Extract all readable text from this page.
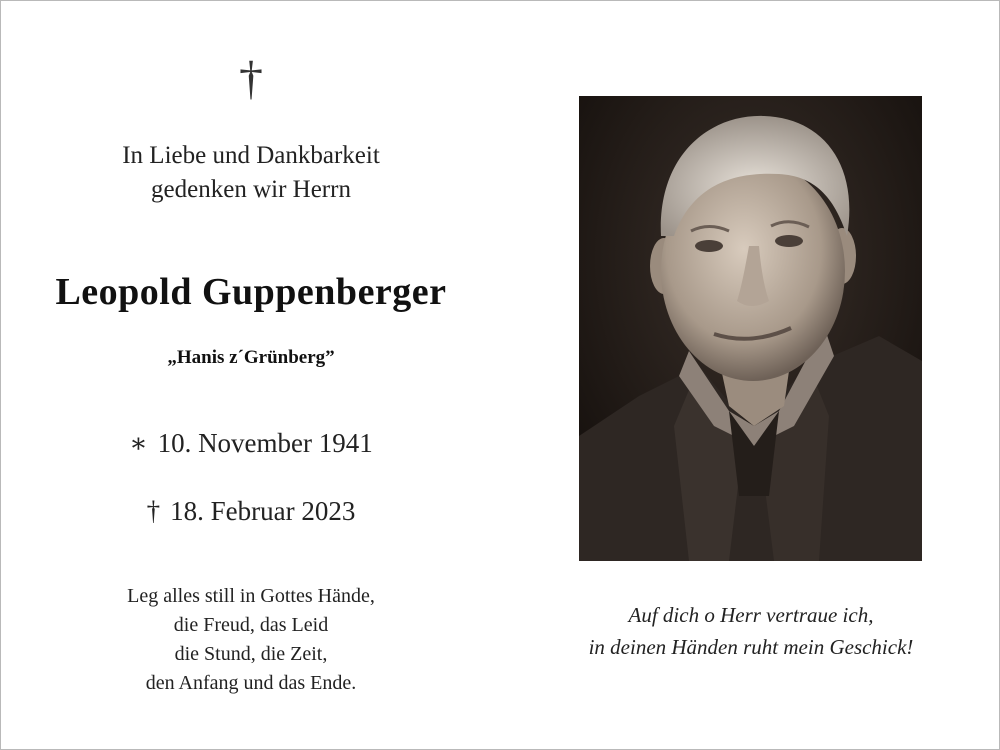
†
In Liebe und Dankbarkeit
gedenken wir Herrn
Leopold Guppenberger
„Hanis z´Grünberg”
∗ 10. November 1941
† 18. Februar 2023
Leg alles still in Gottes Hände,
die Freud, das Leid
die Stund, die Zeit,
den Anfang und das Ende.
Auf dich o Herr vertraue ich,
in deinen Händen ruht mein Geschick!
